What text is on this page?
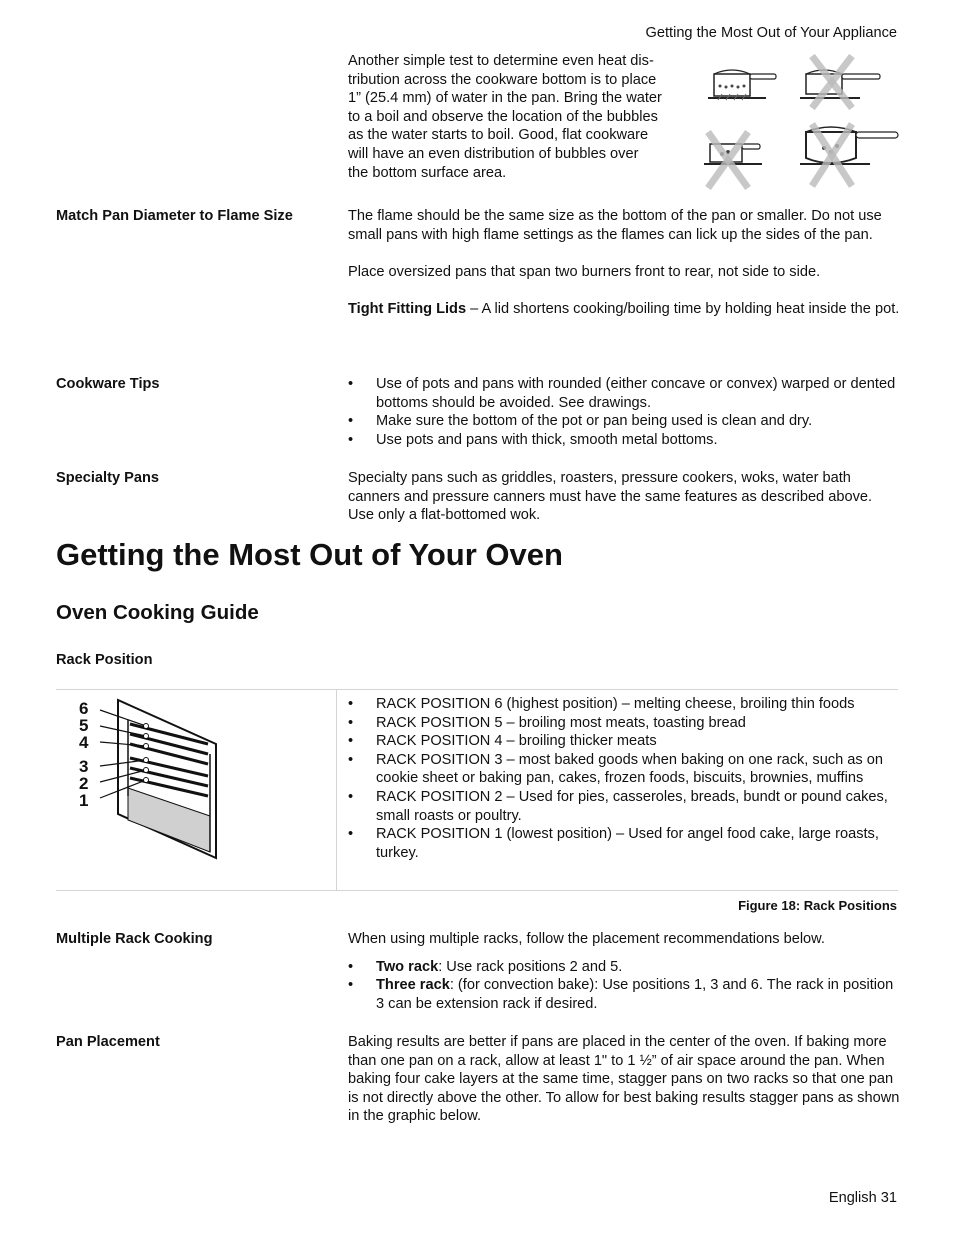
Getting the Most Out of Your Appliance
Another simple test to determine even heat dis-
tribution across the cookware bottom is to place
1” (25.4 mm) of water in the pan. Bring the water
to a boil and observe the location of the bubbles
as the water starts to boil. Good, flat cookware
will have an even distribution of bubbles over
the bottom surface area.
Match Pan Diameter to Flame Size	The flame should be the same size as the bottom of the pan or smaller. Do not use small pans with high flame settings as the flames can lick up the sides of the pan.

Place oversized pans that span two burners front to rear, not side to side.

Tight Fitting Lids – A lid shortens cooking/boiling time by holding heat inside the pot.

Cookware Tips
•	Use of pots and pans with rounded (either concave or convex) warped or dented bottoms should be avoided. See drawings.
• Make sure the bottom of the pot or pan being used is clean and dry.
• Use pots and pans with thick, smooth metal bottoms.
Specialty Pans	Specialty pans such as griddles, roasters, pressure cookers, woks, water bath canners and pressure canners must have the same features as described above. Use only a flat-bottomed wok.

Getting the Most Out of Your Oven
Oven Cooking Guide
Rack Position
6
5
4
3
2
1
• RACK POSITION 6 (highest position) – melting cheese, broiling thin foods
• RACK POSITION 5 – broiling most meats, toasting bread
• RACK POSITION 4 – broiling thicker meats
• RACK POSITION 3 – most baked goods when baking on one rack, such as on cookie sheet or baking pan, cakes, frozen foods, biscuits, brownies, muffins
• RACK POSITION 2 – Used for pies, casseroles, breads, bundt or pound cakes, small roasts or poultry.
• RACK POSITION 1 (lowest position) – Used for angel food cake, large roasts, turkey.
Figure 18: Rack Positions
Multiple Rack Cooking	When using multiple racks, follow the placement recommendations below.

• Two rack: Use rack positions 2 and 5.
• Three rack: (for convection bake): Use positions 1, 3 and 6. The rack in position 3 can be extension rack if desired.
Pan Placement	Baking results are better if pans are placed in the center of the oven. If baking more than one pan on a rack, allow at least 1" to 1 ½” of air space around the pan. When baking four cake layers at the same time, stagger pans on two racks so that one pan is not directly above the other. To allow for best baking results stagger pans as shown in the graphic below.

English 31
